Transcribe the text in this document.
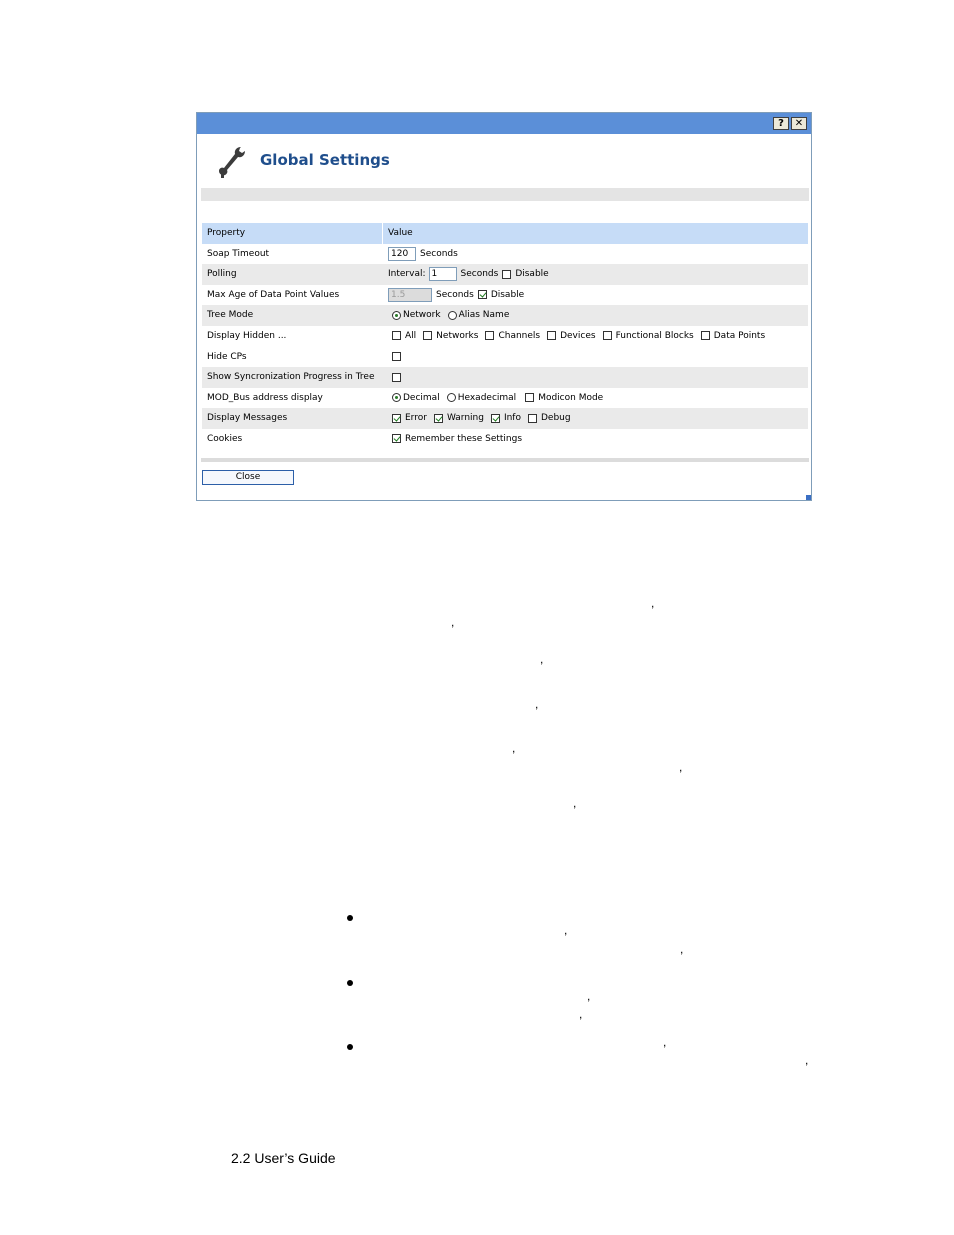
?	✕
Global Settings
Property	Value
Soap Timeout	120	Seconds
Polling	Interval: 1	Seconds Disable
Max Age of Data Point Values	1.5	Seconds Disable
Tree Mode	Network Alias Name
Display Hidden ...	All Networks Channels Devices Functional Blocks Data Points
Hide CPs
Show Syncronization Progress in Tree
MOD_Bus address display	Decimal Hexadecimal Modicon Mode
Display Messages	Error Warning Info Debug
Cookies	Remember these Settings
Close
,
,
,
,
,
,
,
,
,
,
,
,
,
2.2 User’s Guide
